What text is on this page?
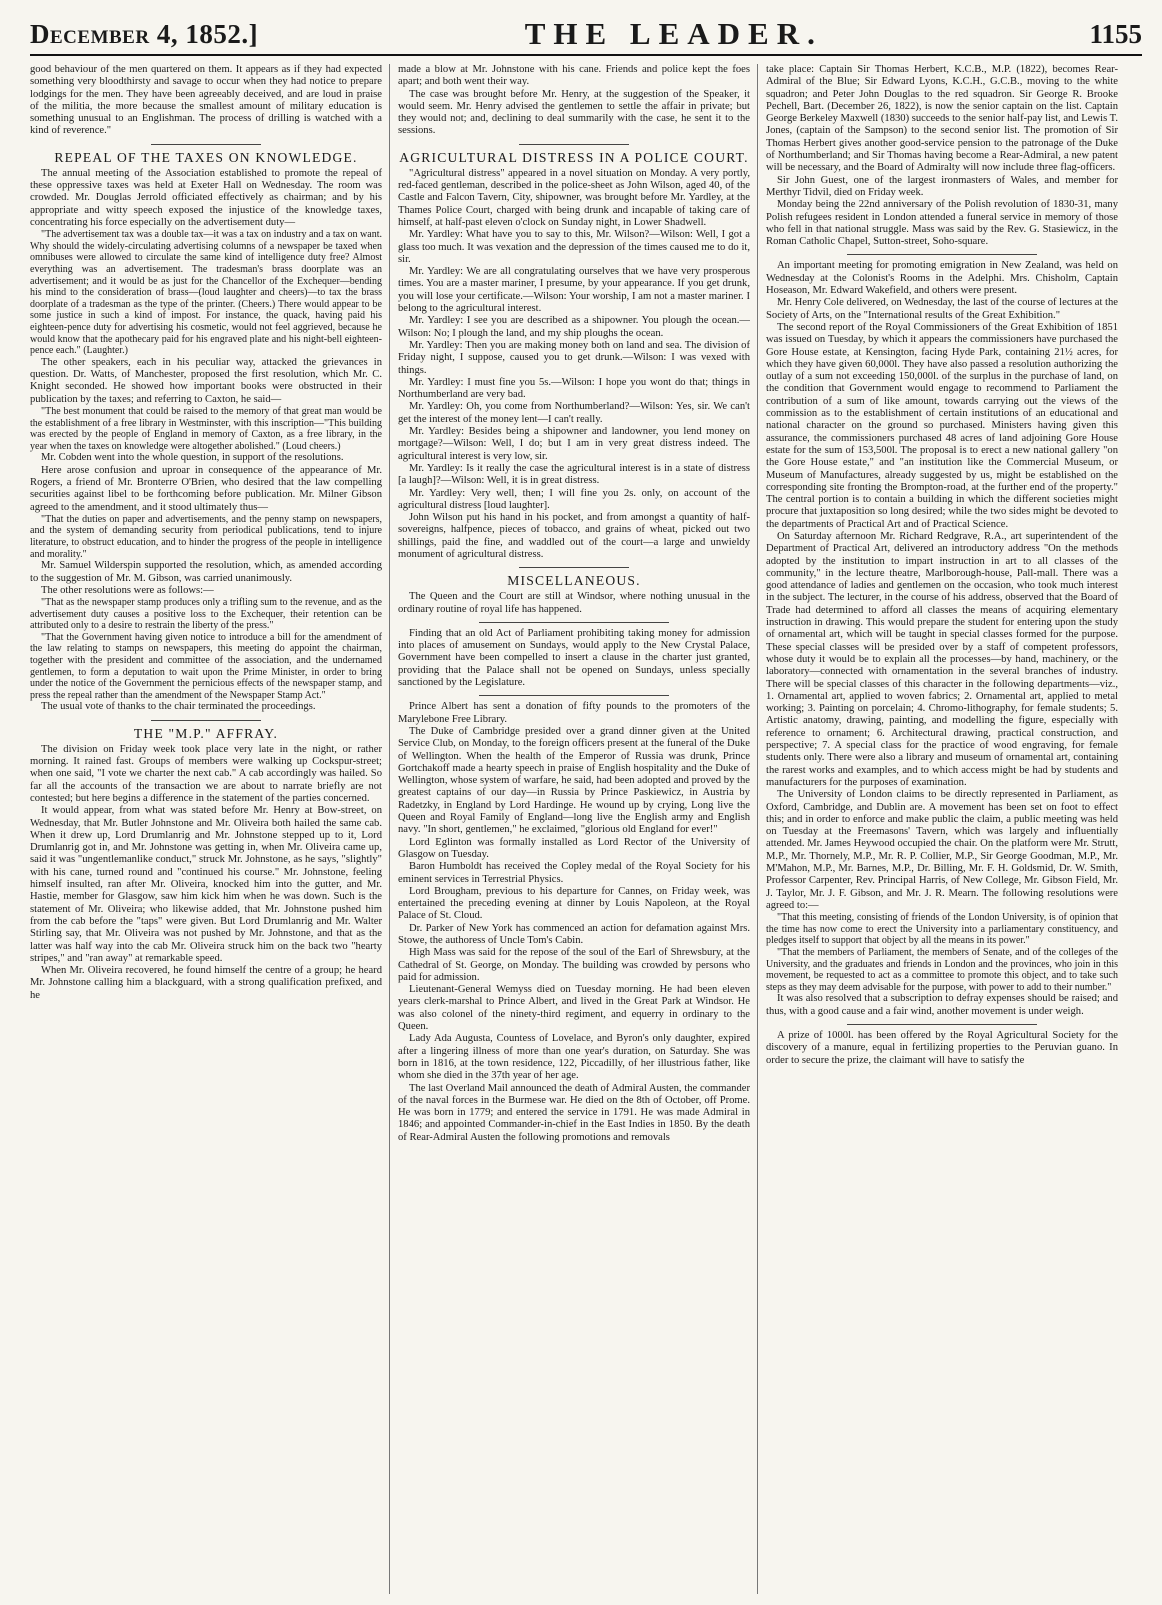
December 4, 1852.]	THE LEADER.	1155

good behaviour of the men quartered on them. It appears as if they had expected something very bloodthirsty and savage to occur when they had notice to prepare lodgings for the men. They have been agreeably deceived, and are loud in praise of the militia, the more because the smallest amount of military education is something unusual to an Englishman. The process of drilling is watched with a kind of reverence."

REPEAL OF THE TAXES ON KNOWLEDGE.

The annual meeting of the Association established to promote the repeal of these oppressive taxes was held at Exeter Hall on Wednesday. The room was crowded. Mr. Douglas Jerrold officiated effectively as chairman; and by his appropriate and witty speech exposed the injustice of the knowledge taxes, concentrating his force especially on the advertisement duty—

"The advertisement tax was a double tax—it was a tax on industry and a tax on want. Why should the widely-circulating advertising columns of a newspaper be taxed when omnibuses were allowed to circulate the same kind of intelligence duty free? Almost everything was an advertisement. The tradesman's brass doorplate was an advertisement; and it would be as just for the Chancellor of the Exchequer—bending his mind to the consideration of brass—(loud laughter and cheers)—to tax the brass doorplate of a tradesman as the type of the printer. (Cheers.) There would appear to be some justice in such a kind of impost. For instance, the quack, having paid his eighteen-pence duty for advertising his cosmetic, would not feel aggrieved, because he would know that the apothecary paid for his engraved plate and his night-bell eighteen-pence each." (Laughter.)

The other speakers, each in his peculiar way, attacked the grievances in question. Dr. Watts, of Manchester, proposed the first resolution, which Mr. C. Knight seconded. He showed how important books were obstructed in their publication by the taxes; and referring to Caxton, he said—

"The best monument that could be raised to the memory of that great man would be the establishment of a free library in Westminster, with this inscription—"This building was erected by the people of England in memory of Caxton, as a free library, in the year when the taxes on knowledge were altogether abolished." (Loud cheers.)

Mr. Cobden went into the whole question, in support of the resolutions.

Here arose confusion and uproar in consequence of the appearance of Mr. Rogers, a friend of Mr. Bronterre O'Brien, who desired that the law compelling securities against libel to be forthcoming before publication. Mr. Milner Gibson agreed to the amendment, and it stood ultimately thus—

"That the duties on paper and advertisements, and the penny stamp on newspapers, and the system of demanding security from periodical publications, tend to injure literature, to obstruct education, and to hinder the progress of the people in intelligence and morality."

Mr. Samuel Wilderspin supported the resolution, which, as amended according to the suggestion of Mr. M. Gibson, was carried unanimously.

The other resolutions were as follows:—

"That as the newspaper stamp produces only a trifling sum to the revenue, and as the advertisement duty causes a positive loss to the Exchequer, their retention can be attributed only to a desire to restrain the liberty of the press."

"That the Government having given notice to introduce a bill for the amendment of the law relating to stamps on newspapers, this meeting do appoint the chairman, together with the president and committee of the association, and the undernamed gentlemen, to form a deputation to wait upon the Prime Minister, in order to bring under the notice of the Government the pernicious effects of the newspaper stamp, and press the repeal rather than the amendment of the Newspaper Stamp Act."

The usual vote of thanks to the chair terminated the proceedings.

THE "M.P." AFFRAY.

The division on Friday week took place very late in the night, or rather morning. It rained fast. Groups of members were walking up Cockspur-street; when one said, "I vote we charter the next cab." A cab accordingly was hailed. So far all the accounts of the transaction we are about to narrate briefly are not contested; but here begins a difference in the statement of the parties concerned.

It would appear, from what was stated before Mr. Henry at Bow-street, on Wednesday, that Mr. Butler Johnstone and Mr. Oliveira both hailed the same cab. When it drew up, Lord Drumlanrig and Mr. Johnstone stepped up to it, Lord Drumlanrig got in, and Mr. Johnstone was getting in, when Mr. Oliveira came up, said it was "ungentlemanlike conduct," struck Mr. Johnstone, as he says, "slightly" with his cane, turned round and "continued his course." Mr. Johnstone, feeling himself insulted, ran after Mr. Oliveira, knocked him into the gutter, and Mr. Hastie, member for Glasgow, saw him kick him when he was down. Such is the statement of Mr. Oliveira; who likewise added, that Mr. Johnstone pushed him from the cab before the "taps" were given. But Lord Drumlanrig and Mr. Walter Stirling say, that Mr. Oliveira was not pushed by Mr. Johnstone, and that as the latter was half way into the cab Mr. Oliveira struck him on the back two "hearty stripes," and "ran away" at remarkable speed.

When Mr. Oliveira recovered, he found himself the centre of a group; he heard Mr. Johnstone calling him a blackguard, with a strong qualification prefixed, and he

made a blow at Mr. Johnstone with his cane. Friends and police kept the foes apart; and both went their way.

The case was brought before Mr. Henry, at the suggestion of the Speaker, it would seem. Mr. Henry advised the gentlemen to settle the affair in private; but they would not; and, declining to deal summarily with the case, he sent it to the sessions.

AGRICULTURAL DISTRESS IN A POLICE COURT.

"Agricultural distress" appeared in a novel situation on Monday. A very portly, red-faced gentleman, described in the police-sheet as John Wilson, aged 40, of the Castle and Falcon Tavern, City, shipowner, was brought before Mr. Yardley, at the Thames Police Court, charged with being drunk and incapable of taking care of himself, at half-past eleven o'clock on Sunday night, in Lower Shadwell.

Mr. Yardley: What have you to say to this, Mr. Wilson?—Wilson: Well, I got a glass too much. It was vexation and the depression of the times caused me to do it, sir.

Mr. Yardley: We are all congratulating ourselves that we have very prosperous times. You are a master mariner, I presume, by your appearance. If you get drunk, you will lose your certificate.—Wilson: Your worship, I am not a master mariner. I belong to the agricultural interest.

Mr. Yardley: I see you are described as a shipowner. You plough the ocean.—Wilson: No; I plough the land, and my ship ploughs the ocean.

Mr. Yardley: Then you are making money both on land and sea. The division of Friday night, I suppose, caused you to get drunk.—Wilson: I was vexed with things.

Mr. Yardley: I must fine you 5s.—Wilson: I hope you wont do that; things in Northumberland are very bad.

Mr. Yardley: Oh, you come from Northumberland?—Wilson: Yes, sir. We can't get the interest of the money lent—I can't really.

Mr. Yardley: Besides being a shipowner and landowner, you lend money on mortgage?—Wilson: Well, I do; but I am in very great distress indeed. The agricultural interest is very low, sir.

Mr. Yardley: Is it really the case the agricultural interest is in a state of distress [a laugh]?—Wilson: Well, it is in great distress.

Mr. Yardley: Very well, then; I will fine you 2s. only, on account of the agricultural distress [loud laughter].

John Wilson put his hand in his pocket, and from amongst a quantity of half-sovereigns, halfpence, pieces of tobacco, and grains of wheat, picked out two shillings, paid the fine, and waddled out of the court—a large and unwieldy monument of agricultural distress.

MISCELLANEOUS.

The Queen and the Court are still at Windsor, where nothing unusual in the ordinary routine of royal life has happened.

Finding that an old Act of Parliament prohibiting taking money for admission into places of amusement on Sundays, would apply to the New Crystal Palace, Government have been compelled to insert a clause in the charter just granted, providing that the Palace shall not be opened on Sundays, unless specially sanctioned by the Legislature.

Prince Albert has sent a donation of fifty pounds to the promoters of the Marylebone Free Library.

The Duke of Cambridge presided over a grand dinner given at the United Service Club, on Monday, to the foreign officers present at the funeral of the Duke of Wellington. When the health of the Emperor of Russia was drunk, Prince Gortchakoff made a hearty speech in praise of English hospitality and the Duke of Wellington, whose system of warfare, he said, had been adopted and proved by the greatest captains of our day—in Russia by Prince Paskiewicz, in Austria by Radetzky, in England by Lord Hardinge. He wound up by crying, Long live the Queen and Royal Family of England—long live the English army and English navy. "In short, gentlemen," he exclaimed, "glorious old England for ever!"

Lord Eglinton was formally installed as Lord Rector of the University of Glasgow on Tuesday.

Baron Humboldt has received the Copley medal of the Royal Society for his eminent services in Terrestrial Physics.

Lord Brougham, previous to his departure for Cannes, on Friday week, was entertained the preceding evening at dinner by Louis Napoleon, at the Royal Palace of St. Cloud.

Dr. Parker of New York has commenced an action for defamation against Mrs. Stowe, the authoress of Uncle Tom's Cabin.

High Mass was said for the repose of the soul of the Earl of Shrewsbury, at the Cathedral of St. George, on Monday. The building was crowded by persons who paid for admission.

Lieutenant-General Wemyss died on Tuesday morning. He had been eleven years clerk-marshal to Prince Albert, and lived in the Great Park at Windsor. He was also colonel of the ninety-third regiment, and equerry in ordinary to the Queen.

Lady Ada Augusta, Countess of Lovelace, and Byron's only daughter, expired after a lingering illness of more than one year's duration, on Saturday. She was born in 1816, at the town residence, 122, Piccadilly, of her illustrious father, like whom she died in the 37th year of her age.

The last Overland Mail announced the death of Admiral Austen, the commander of the naval forces in the Burmese war. He died on the 8th of October, off Prome. He was born in 1779; and entered the service in 1791. He was made Admiral in 1846; and appointed Commander-in-chief in the East Indies in 1850. By the death of Rear-Admiral Austen the following promotions and removals

take place: Captain Sir Thomas Herbert, K.C.B., M.P. (1822), becomes Rear-Admiral of the Blue; Sir Edward Lyons, K.C.H., G.C.B., moving to the white squadron; and Peter John Douglas to the red squadron. Sir George R. Brooke Pechell, Bart. (December 26, 1822), is now the senior captain on the list. Captain George Berkeley Maxwell (1830) succeeds to the senior half-pay list, and Lewis T. Jones, (captain of the Sampson) to the second senior list. The promotion of Sir Thomas Herbert gives another good-service pension to the patronage of the Duke of Northumberland; and Sir Thomas having become a Rear-Admiral, a new patent will be necessary, and the Board of Admiralty will now include three flag-officers.

Sir John Guest, one of the largest ironmasters of Wales, and member for Merthyr Tidvil, died on Friday week.

Monday being the 22nd anniversary of the Polish revolution of 1830-31, many Polish refugees resident in London attended a funeral service in memory of those who fell in that national struggle. Mass was said by the Rev. G. Stasiewicz, in the Roman Catholic Chapel, Sutton-street, Soho-square.

An important meeting for promoting emigration in New Zealand, was held on Wednesday at the Colonist's Rooms in the Adelphi. Mrs. Chisholm, Captain Hoseason, Mr. Edward Wakefield, and others were present.

Mr. Henry Cole delivered, on Wednesday, the last of the course of lectures at the Society of Arts, on the "International results of the Great Exhibition."

The second report of the Royal Commissioners of the Great Exhibition of 1851 was issued on Tuesday, by which it appears the commissioners have purchased the Gore House estate, at Kensington, facing Hyde Park, containing 21½ acres, for which they have given 60,000l. They have also passed a resolution authorizing the outlay of a sum not exceeding 150,000l. of the surplus in the purchase of land, on the condition that Government would engage to recommend to Parliament the contribution of a sum of like amount, towards carrying out the views of the commission as to the establishment of certain institutions of an educational and national character on the ground so purchased. Ministers having given this assurance, the commissioners purchased 48 acres of land adjoining Gore House estate for the sum of 153,500l. The proposal is to erect a new national gallery "on the Gore House estate," and "an institution like the Commercial Museum, or Museum of Manufactures, already suggested by us, might be established on the corresponding site fronting the Brompton-road, at the further end of the property." The central portion is to contain a building in which the different societies might procure that juxtaposition so long desired; while the two sides might be devoted to the departments of Practical Art and of Practical Science.

On Saturday afternoon Mr. Richard Redgrave, R.A., art superintendent of the Department of Practical Art, delivered an introductory address "On the methods adopted by the institution to impart instruction in art to all classes of the community," in the lecture theatre, Marlborough-house, Pall-mall. There was a good attendance of ladies and gentlemen on the occasion, who took much interest in the subject. The lecturer, in the course of his address, observed that the Board of Trade had determined to afford all classes the means of acquiring elementary instruction in drawing. This would prepare the student for entering upon the study of ornamental art, which will be taught in special classes formed for the purpose. These special classes will be presided over by a staff of competent professors, whose duty it would be to explain all the processes—by hand, machinery, or the laboratory—connected with ornamentation in the several branches of industry. There will be special classes of this character in the following departments—viz., 1. Ornamental art, applied to woven fabrics; 2. Ornamental art, applied to metal working; 3. Painting on porcelain; 4. Chromo-lithography, for female students; 5. Artistic anatomy, drawing, painting, and modelling the figure, especially with reference to ornament; 6. Architectural drawing, practical construction, and perspective; 7. A special class for the practice of wood engraving, for female students only. There were also a library and museum of ornamental art, containing the rarest works and examples, and to which access might be had by students and manufacturers for the purposes of examination.

The University of London claims to be directly represented in Parliament, as Oxford, Cambridge, and Dublin are. A movement has been set on foot to effect this; and in order to enforce and make public the claim, a public meeting was held on Tuesday at the Freemasons' Tavern, which was largely and influentially attended. Mr. James Heywood occupied the chair. On the platform were Mr. Strutt, M.P., Mr. Thornely, M.P., Mr. R. P. Collier, M.P., Sir George Goodman, M.P., Mr. M'Mahon, M.P., Mr. Barnes, M.P., Dr. Billing, Mr. F. H. Goldsmid, Dr. W. Smith, Professor Carpenter, Rev. Principal Harris, of New College, Mr. Gibson Field, Mr. J. Taylor, Mr. J. F. Gibson, and Mr. J. R. Mearn. The following resolutions were agreed to:—

"That this meeting, consisting of friends of the London University, is of opinion that the time has now come to erect the University into a parliamentary constituency, and pledges itself to support that object by all the means in its power."

"That the members of Parliament, the members of Senate, and of the colleges of the University, and the graduates and friends in London and the provinces, who join in this movement, be requested to act as a committee to promote this object, and to take such steps as they may deem advisable for the purpose, with power to add to their number."

It was also resolved that a subscription to defray expenses should be raised; and thus, with a good cause and a fair wind, another movement is under weigh.

A prize of 1000l. has been offered by the Royal Agricultural Society for the discovery of a manure, equal in fertilizing properties to the Peruvian guano. In order to secure the prize, the claimant will have to satisfy the
